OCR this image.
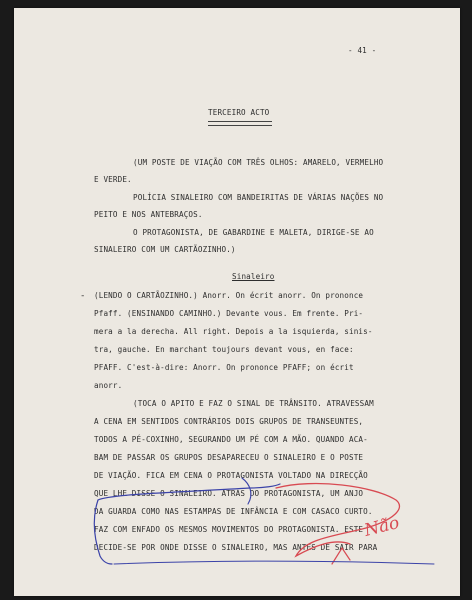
- 41 -

TERCEIRO ACTO

(UM POSTE DE VIAÇÃO COM TRÊS OLHOS: AMARELO, VERMELHO

E VERDE.

POLÍCIA SINALEIRO COM BANDEIRITAS DE VÁRIAS NAÇÕES NO

PEITO E NOS ANTEBRAÇOS.

O PROTAGONISTA, DE GABARDINE E MALETA, DIRIGE-SE AO

SINALEIRO COM UM CARTÃOZINHO.)

Sinaleiro

- (LENDO O CARTÃOZINHO.) Anorr. On écrit anorr. On prononce

Pfaff. (ENSINANDO CAMINHO.) Devante vous. Em frente. Pri-

mera a la derecha. All right. Depois a la isquierda, sinis-

tra, gauche. En marchant toujours devant vous, en face:

PFAFF. C'est-à-dire: Anorr. On prononce PFAFF; on écrit

anorr.

(TOCA O APITO E FAZ O SINAL DE TRÂNSITO. ATRAVESSAM

A CENA EM SENTIDOS CONTRÁRIOS DOIS GRUPOS DE TRANSEUNTES,

TODOS A PÉ-COXINHO, SEGURANDO UM PÉ COM A MÃO. QUANDO ACA-

BAM DE PASSAR OS GRUPOS DESAPARECEU O SINALEIRO E O POSTE

DE VIAÇÃO. FICA EM CENA O PROTAGONISTA VOLTADO NA DIRECÇÃO

QUE LHE DISSE O SINALEIRO. ATRÁS DO PROTAGONISTA, UM ANJO

DA GUARDA COMO NAS ESTAMPAS DE INFÂNCIA E COM CASACO CURTO.

FAZ COM ENFADO OS MESMOS MOVIMENTOS DO PROTAGONISTA. ESTE

DECIDE-SE POR ONDE DISSE O SINALEIRO, MAS ANTES DE SAIR PARA

Não
